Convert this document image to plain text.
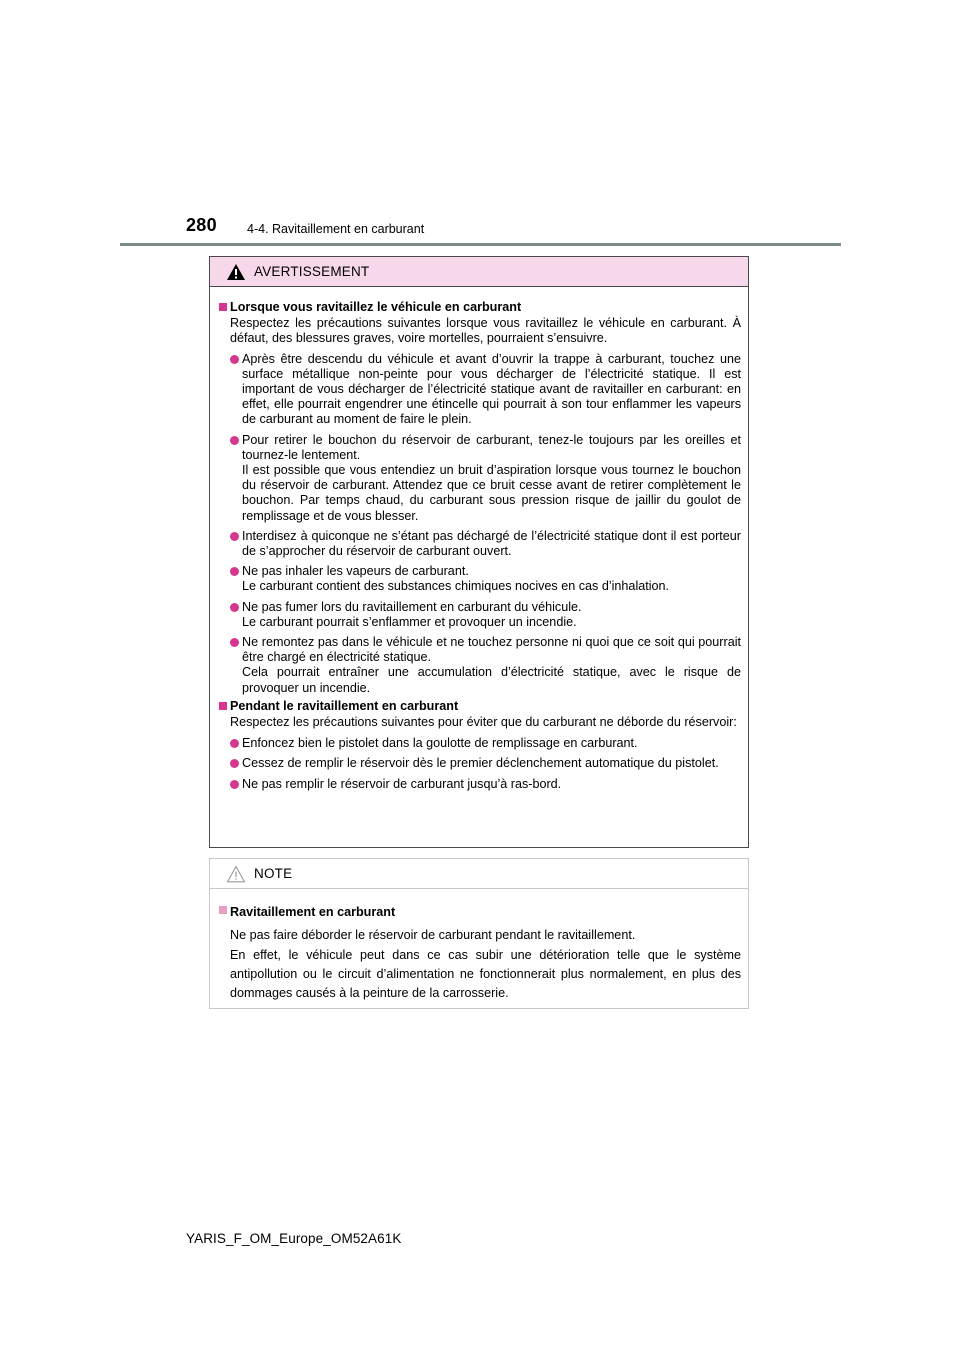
280 4-4. Ravitaillement en carburant
AVERTISSEMENT
Lorsque vous ravitaillez le véhicule en carburant
Respectez les précautions suivantes lorsque vous ravitaillez le véhicule en carburant. À défaut, des blessures graves, voire mortelles, pourraient s’ensuivre.
Après être descendu du véhicule et avant d’ouvrir la trappe à carburant, touchez une surface métallique non-peinte pour vous décharger de l’électricité statique. Il est important de vous décharger de l’électricité statique avant de ravitailler en carburant: en effet, elle pourrait engendrer une étincelle qui pourrait à son tour enflammer les vapeurs de carburant au moment de faire le plein.
Pour retirer le bouchon du réservoir de carburant, tenez-le toujours par les oreilles et tournez-le lentement.
Il est possible que vous entendiez un bruit d’aspiration lorsque vous tournez le bouchon du réservoir de carburant. Attendez que ce bruit cesse avant de retirer complètement le bouchon. Par temps chaud, du carburant sous pression risque de jaillir du goulot de remplissage et de vous blesser.
Interdisez à quiconque ne s’étant pas déchargé de l’électricité statique dont il est porteur de s’approcher du réservoir de carburant ouvert.
Ne pas inhaler les vapeurs de carburant.
Le carburant contient des substances chimiques nocives en cas d’inhalation.
Ne pas fumer lors du ravitaillement en carburant du véhicule.
Le carburant pourrait s’enflammer et provoquer un incendie.
Ne remontez pas dans le véhicule et ne touchez personne ni quoi que ce soit qui pourrait être chargé en électricité statique.
Cela pourrait entraîner une accumulation d’électricité statique, avec le risque de provoquer un incendie.
Pendant le ravitaillement en carburant
Respectez les précautions suivantes pour éviter que du carburant ne déborde du réservoir:
Enfoncez bien le pistolet dans la goulotte de remplissage en carburant.
Cessez de remplir le réservoir dès le premier déclenchement automatique du pistolet.
Ne pas remplir le réservoir de carburant jusqu’à ras-bord.
NOTE
Ravitaillement en carburant
Ne pas faire déborder le réservoir de carburant pendant le ravitaillement.
En effet, le véhicule peut dans ce cas subir une détérioration telle que le système antipollution ou le circuit d’alimentation ne fonctionnerait plus normalement, en plus des dommages causés à la peinture de la carrosserie.
YARIS_F_OM_Europe_OM52A61K
